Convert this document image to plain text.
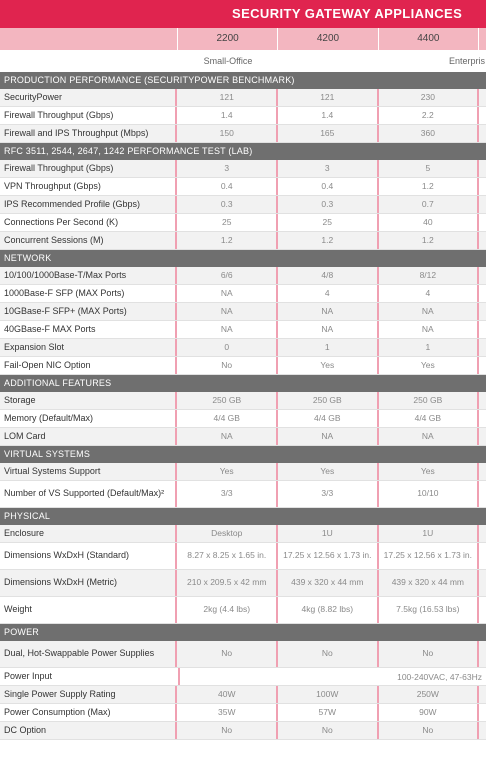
SECURITY GATEWAY APPLIANCES
2200	4200	4400
Small-Office	Enterpris
PRODUCTION PERFORMANCE (SECURITYPOWER BENCHMARK)
SecurityPower	121	121	230
Firewall Throughput (Gbps)	1.4	1.4	2.2
Firewall and IPS Throughput (Mbps)	150	165	360
RFC 3511, 2544, 2647, 1242 PERFORMANCE TEST (LAB)
Firewall Throughput (Gbps)	3	3	5
VPN Throughput (Gbps)	0.4	0.4	1.2
IPS Recommended Profile (Gbps)	0.3	0.3	0.7
Connections Per Second (K)	25	25	40
Concurrent Sessions (M)	1.2	1.2	1.2
NETWORK
10/100/1000Base-T/Max Ports	6/6	4/8	8/12
1000Base-F SFP (MAX Ports)	NA	4	4
10GBase-F SFP+ (MAX Ports)	NA	NA	NA
40GBase-F MAX Ports	NA	NA	NA
Expansion Slot	0	1	1
Fail-Open NIC Option	No	Yes	Yes
ADDITIONAL FEATURES
Storage	250 GB	250 GB	250 GB
Memory (Default/Max)	4/4 GB	4/4 GB	4/4 GB
LOM Card	NA	NA	NA
VIRTUAL SYSTEMS
Virtual Systems Support	Yes	Yes	Yes
Number of VS Supported (Default/Max)²	3/3	3/3	10/10
PHYSICAL
Enclosure	Desktop	1U	1U
Dimensions WxDxH (Standard)	8.27 x 8.25 x 1.65 in.	17.25 x 12.56 x 1.73 in.	17.25 x 12.56 x 1.73 in.
Dimensions WxDxH (Metric)	210 x 209.5 x 42 mm	439 x 320 x 44 mm	439 x 320 x 44 mm
Weight	2kg (4.4 lbs)	4kg (8.82 lbs)	7.5kg (16.53 lbs)
POWER
Dual, Hot-Swappable Power Supplies	No	No	No
Power Input	100-240VAC, 47-63Hz
Single Power Supply Rating	40W	100W	250W
Power Consumption (Max)	35W	57W	90W
DC Option	No	No	No
